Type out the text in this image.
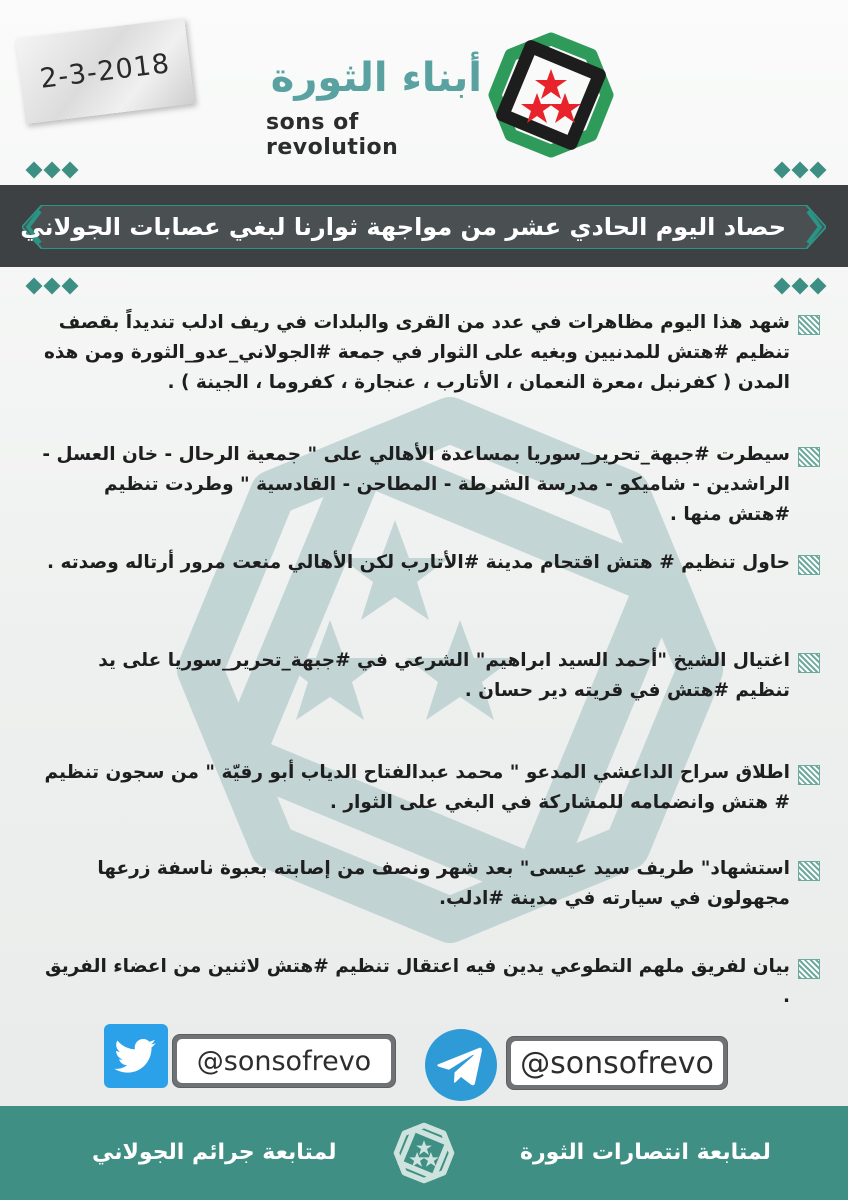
2-3-2018 أبناء الثورة
sons of revolution
حصاد اليوم الحادي عشر من مواجهة ثوارنا لبغي عصابات الجولاني

شهد هذا اليوم مظاهرات في عدد من القرى والبلدات في ريف ادلب تنديداً بقصف تنظيم #هتش للمدنيين وبغيه على الثوار في جمعة #الجولاني_عدو_الثورة ومن هذه المدن ( كفرنبل ،معرة النعمان ، الأتارب ، عنجارة ، كفروما ، الجينة ) .

سيطرت #جبهة_تحرير_سوريا بمساعدة الأهالي على " جمعية الرحال - خان العسل - الراشدين - شاميكو - مدرسة الشرطة - المطاحن - القادسية " وطردت تنظيم #هتش منها .

حاول تنظيم # هتش اقتحام مدينة #الأتارب لكن الأهالي منعت مرور أرتاله وصدته .

اغتيال الشيخ "أحمد السيد ابراهيم" الشرعي في #جبهة_تحرير_سوريا على يد تنظيم #هتش في قريته دير حسان .

اطلاق سراح الداعشي المدعو " محمد عبدالفتاح الدياب أبو رقيّة " من سجون تنظيم # هتش وانضمامه للمشاركة في البغي على الثوار .

استشهاد" طريف سيد عيسى" بعد شهر ونصف من إصابته بعبوة ناسفة زرعها مجهولون في سيارته في مدينة #ادلب.

بيان لفريق ملهم التطوعي يدين فيه اعتقال تنظيم #هتش لاثنين من اعضاء الفريق .

@sonsofrevo	@sonsofrevo
لمتابعة جرائم الجولاني	لمتابعة انتصارات الثورة
